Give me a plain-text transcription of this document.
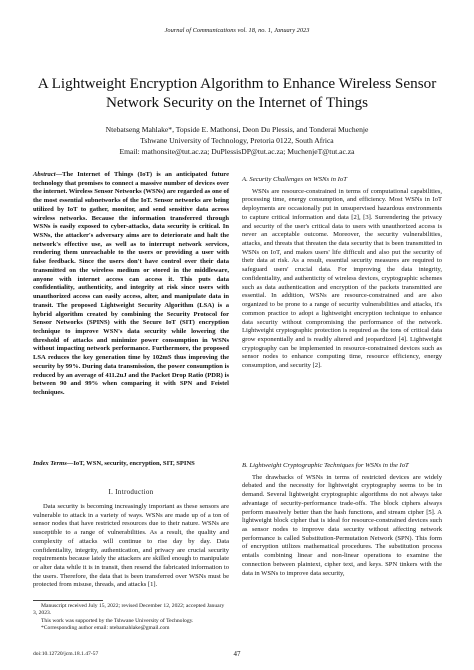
Journal of Communications vol. 18, no. 1, January 2023
A Lightweight Encryption Algorithm to Enhance Wireless Sensor Network Security on the Internet of Things
Ntebatseng Mahlake*, Topside E. Mathonsi, Deon Du Plessis, and Tonderai Muchenje
Tshwane University of Technology, Pretoria 0122, South Africa
Email: mathonsite@tut.ac.za; DuPlessisDP@tut.ac.za; MuchenjeT@tut.ac.za

Abstract—The Internet of Things (IoT) is an anticipated future technology that promises to connect a massive number of devices over the internet. Wireless Sensor Networks (WSNs) are regarded as one of the most essential subnetworks of the IoT. Sensor networks are being utilized by IoT to gather, monitor, and send sensitive data across wireless networks. Because the information transferred through WSNs is easily exposed to cyber-attacks, data security is critical. In WSNs, the attacker's adversary aims are to deteriorate and halt the network's effective use, as well as to interrupt network services, rendering them unreachable to the users or providing a user with false feedback. Since the users don't have control over their data transmitted on the wireless medium or stored in the middleware, anyone with internet access can access it. This puts data confidentiality, authenticity, and integrity at risk since users with unauthorized access can easily access, alter, and manipulate data in transit. The proposed Lightweight Security Algorithm (LSA) is a hybrid algorithm created by combining the Security Protocol for Sensor Networks (SPINS) with the Secure IoT (SIT) encryption technique to improve WSN's data security while lowering the threshold of attacks and minimize power consumption in WSNs without impacting network performance. Furthermore, the proposed LSA reduces the key generation time by 102mS thus improving the security by 99%. During data transmission, the power consumption is reduced by an average of 411.2uJ and the Packet Drop Ratio (PDR) is between 90 and 99% when comparing it with SPN and Feistel techniques.

Index Terms—IoT, WSN, security, encryption, SIT, SPINS

I. Introduction

Data security is becoming increasingly important as these sensors are vulnerable to attack in a variety of ways. WSNs are made up of a ton of sensor nodes that have restricted resources due to their nature. WSNs are susceptible to a range of vulnerabilities. As a result, the quality and complexity of attacks will continue to rise day by day. Data confidentiality, integrity, authentication, and privacy are crucial security requirements because lately the attackers are skilled enough to manipulate or alter data while it is in transit, then resend the fabricated information to the users. Therefore, the data that is been transferred over WSNs must be protected from misuse, threads, and attacks [1].

Manuscript received July 15, 2022; revised December 12, 2022; accepted January 3, 2023.
This work was supported by the Tshwane University of Technology.
*Corresponding author email: ntebamahlake@gmail.com

A. Security Challenges on WSNs in IoT

WSNs are resource-constrained in terms of computational capabilities, processing time, energy consumption, and efficiency. Most WSNs in IoT deployments are occasionally put in unsupervised hazardous environments to capture critical information and data [2], [3]. Surrendering the privacy and security of the user's critical data to users with unauthorized access is never an acceptable outcome. Moreover, the security vulnerabilities, attacks, and threats that threaten the data security that is been transmitted in WSNs on IoT, and makes users' life difficult and also put the security of their data at risk. As a result, essential security measures are required to safeguard users' crucial data. For improving the data integrity, confidentiality, and authenticity of wireless devices, cryptographic schemes such as data authentication and encryption of the packets transmitted are essential. In addition, WSNs are resource-constrained and are also organized to be prone to a range of security vulnerabilities and attacks, it's common practice to adopt a lightweight encryption technique to enhance data security without compromising the performance of the network. Lightweight cryptographic protection is required as the tons of critical data grow exponentially and is readily altered and jeopardized [4]. Lightweight cryptography can be implemented in resource-constrained devices such as sensor nodes to enhance computing time, resource efficiency, energy consumption, and security [2].

B. Lightweight Cryptographic Techniques for WSNs in the IoT

The drawbacks of WSNs in terms of restricted devices are widely debated and the necessity for lightweight cryptography seems to be in demand. Several lightweight cryptographic algorithms do not always take advantage of security-performance trade-offs. The block ciphers always perform massively better than the hash functions, and stream cipher [5]. A lightweight block cipher that is ideal for resource-constrained devices such as sensor nodes to improve data security without affecting network performance is called Substitution-Permutation Network (SPN). This form of encryption utilizes mathematical procedures. The substitution process entails combining linear and non-linear operations to examine the connection between plaintext, cipher text, and keys. SPN tinkers with the data in WSNs to improve data security,

doi:10.12720/jcm.18.1.47-57	47
